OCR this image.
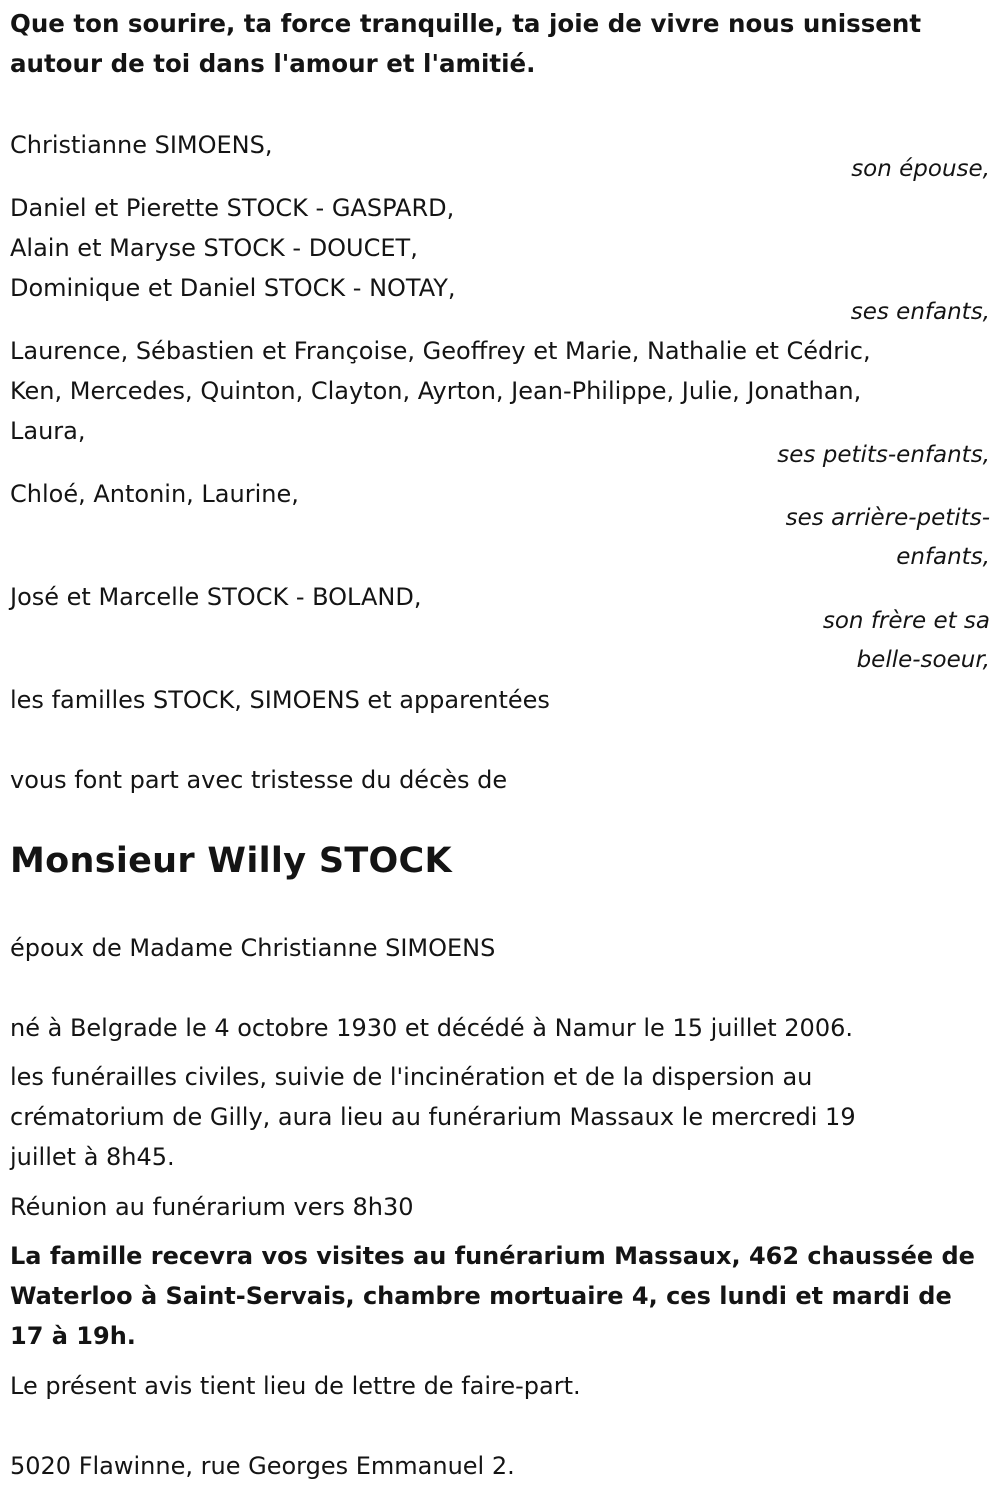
Que ton sourire, ta force tranquille, ta joie de vivre nous unissent
autour de toi dans l'amour et l'amitié.

Christianne SIMOENS,

son épouse,

Daniel et Pierette STOCK - GASPARD,
Alain et Maryse STOCK - DOUCET,
Dominique et Daniel STOCK - NOTAY,

ses enfants,

Laurence, Sébastien et Françoise, Geoffrey et Marie, Nathalie et Cédric,
Ken, Mercedes, Quinton, Clayton, Ayrton, Jean-Philippe, Julie, Jonathan,
Laura,

ses petits-enfants,

Chloé, Antonin, Laurine,

ses arrière-petits-
enfants,

José et Marcelle STOCK - BOLAND,

son frère et sa
belle-soeur,

les familles STOCK, SIMOENS et apparentées

vous font part avec tristesse du décès de

Monsieur Willy STOCK

époux de Madame Christianne SIMOENS

né à Belgrade le 4 octobre 1930 et décédé à Namur le 15 juillet 2006.

les funérailles civiles, suivie de l'incinération et de la dispersion au
crématorium de Gilly, aura lieu au funérarium Massaux le mercredi 19
juillet à 8h45.

Réunion au funérarium vers 8h30

La famille recevra vos visites au funérarium Massaux, 462 chaussée de
Waterloo à Saint-Servais, chambre mortuaire 4, ces lundi et mardi de
17 à 19h.

Le présent avis tient lieu de lettre de faire-part.

5020 Flawinne, rue Georges Emmanuel 2.
